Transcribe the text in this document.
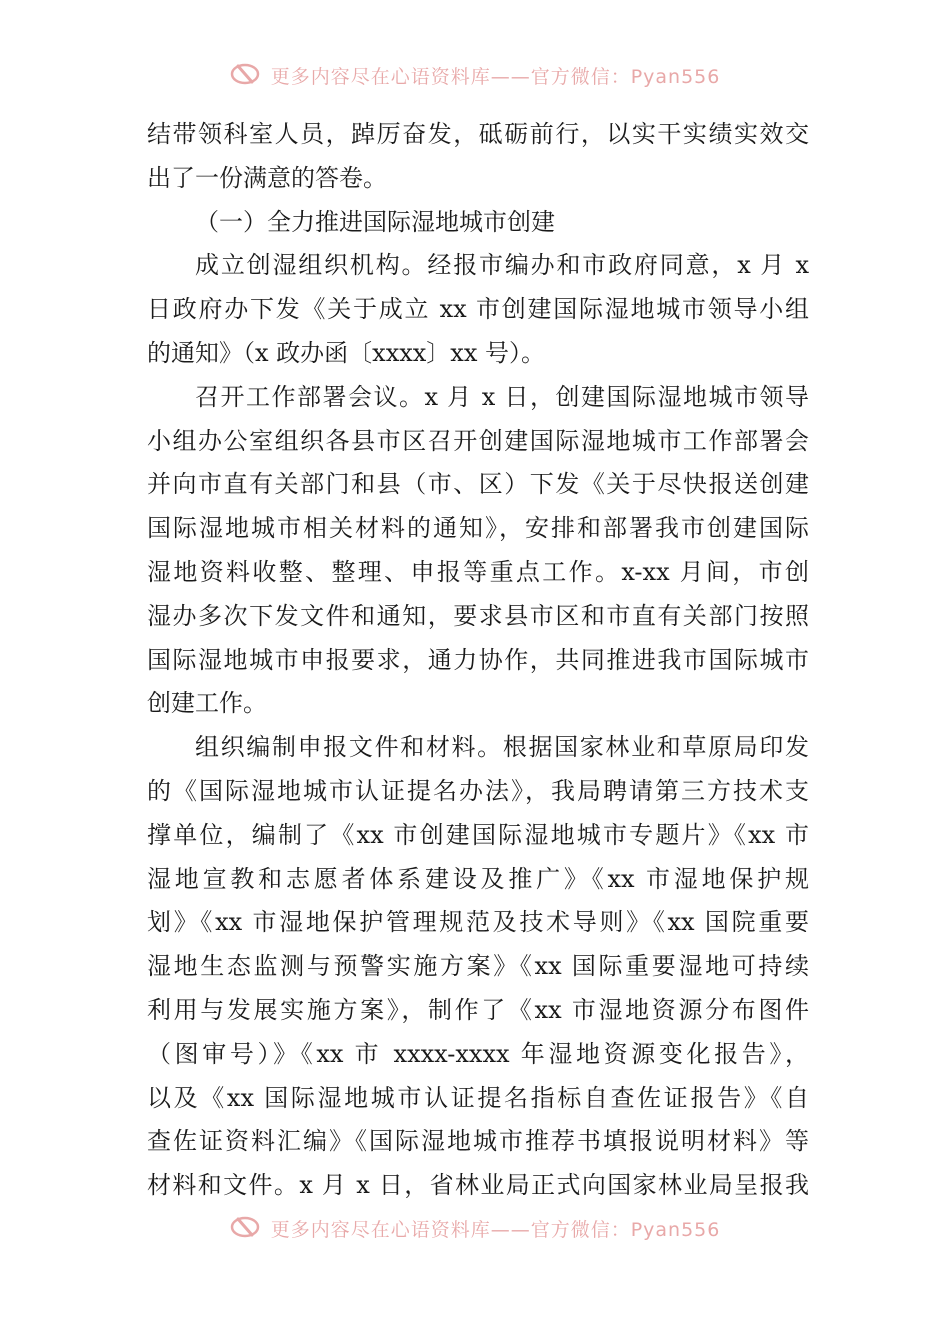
更多内容尽在心语资料库——官方微信：Pyan556
结带领科室人员，踔厉奋发，砥砺前行，以实干实绩实效交
出了一份满意的答卷。
（一）全力推进国际湿地城市创建
成立创湿组织机构。经报市编办和市政府同意，x 月 x
日政府办下发《关于成立 xx 市创建国际湿地城市领导小组
的通知》（x 政办函〔xxxx〕xx 号）。
召开工作部署会议。x 月 x 日，创建国际湿地城市领导
小组办公室组织各县市区召开创建国际湿地城市工作部署会
并向市直有关部门和县（市、区）下发《关于尽快报送创建
国际湿地城市相关材料的通知》，安排和部署我市创建国际
湿地资料收整、整理、申报等重点工作。x-xx 月间，市创
湿办多次下发文件和通知，要求县市区和市直有关部门按照
国际湿地城市申报要求，通力协作，共同推进我市国际城市
创建工作。
组织编制申报文件和材料。根据国家林业和草原局印发
的《国际湿地城市认证提名办法》，我局聘请第三方技术支
撑单位，编制了《xx 市创建国际湿地城市专题片》《xx 市
湿地宣教和志愿者体系建设及推广》《xx 市湿地保护规
划》《xx 市湿地保护管理规范及技术导则》《xx 国院重要
湿地生态监测与预警实施方案》《xx 国际重要湿地可持续
利用与发展实施方案》，制作了《xx 市湿地资源分布图件
（图审号）》《xx 市 xxxx-xxxx 年湿地资源变化报告》，
以及《xx 国际湿地城市认证提名指标自查佐证报告》《自
查佐证资料汇编》《国际湿地城市推荐书填报说明材料》等
材料和文件。x 月 x 日，省林业局正式向国家林业局呈报我
更多内容尽在心语资料库——官方微信：Pyan556
